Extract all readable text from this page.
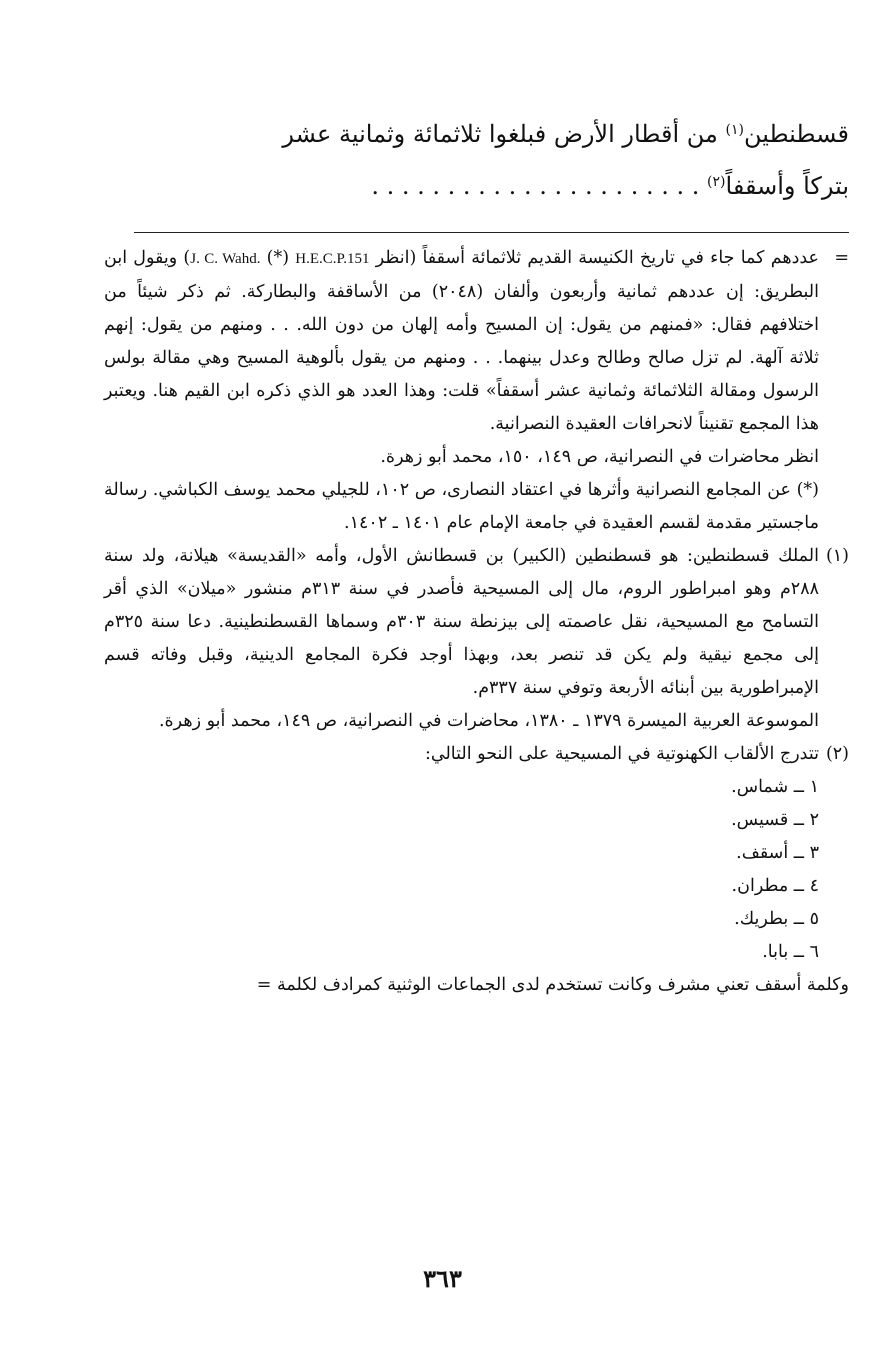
قسطنطين$^{(١)}$ من أقطار الأرض فبلغوا ثلاثمائة وثمانية عشر
بتركاً وأسقفاً$^{(٢)}$ . . . . . . . . . . . . . . . . . . . . . .
=
عددهم كما جاء في تاريخ الكنيسة القديم ثلاثمائة أسقفاً (انظر J. C. Wahd. (*) H.E.C.P.151) ويقول ابن البطريق: إن عددهم ثمانية وأربعون وألفان (٢٠٤٨) من الأساقفة والبطاركة. ثم ذكر شيئاً من اختلافهم فقال: «فمنهم من يقول: إن المسيح وأمه إلهان من دون الله. . . ومنهم من يقول: إنهم ثلاثة آلهة. لم تزل صالح وطالح وعدل بينهما. . . ومنهم من يقول بألوهية المسيح وهي مقالة بولس الرسول ومقالة الثلاثمائة وثمانية عشر أسقفاً» قلت: وهذا العدد هو الذي ذكره ابن القيم هنا. ويعتبر هذا المجمع تقنيناً لانحرافات العقيدة النصرانية.

انظر محاضرات في النصرانية، ص ١٤٩، ١٥٠، محمد أبو زهرة.

(*) عن المجامع النصرانية وأثرها في اعتقاد النصارى، ص ١٠٢، للجيلي محمد يوسف الكباشي. رسالة ماجستير مقدمة لقسم العقيدة في جامعة الإمام عام ١٤٠١ ـ ١٤٠٢.

(١)
الملك قسطنطين: هو قسطنطين (الكبير) بن قسطانش الأول، وأمه «القديسة» هيلانة، ولد سنة ٢٨٨م وهو امبراطور الروم، مال إلى المسيحية فأصدر في سنة ٣١٣م منشور «ميلان» الذي أقر التسامح مع المسيحية، نقل عاصمته إلى بيزنطة سنة ٣٠٣م وسماها القسطنطينية. دعا سنة ٣٢٥م إلى مجمع نيقية ولم يكن قد تنصر بعد، وبهذا أوجد فكرة المجامع الدينية، وقبل وفاته قسم الإمبراطورية بين أبنائه الأربعة وتوفي سنة ٣٣٧م.

الموسوعة العربية الميسرة ١٣٧٩ ـ ١٣٨٠، محاضرات في النصرانية، ص ١٤٩، محمد أبو زهرة.

(٢)
تتدرج الألقاب الكهنوتية في المسيحية على النحو التالي:
١ ــ شماس.
٢ ــ قسيس.
٣ ــ أسقف.
٤ ــ مطران.
٥ ــ بطريك.
٦ ــ بابا.

وكلمة أسقف تعني مشرف وكانت تستخدم لدى الجماعات الوثنية كمرادف لكلمة =

٣٦٣
